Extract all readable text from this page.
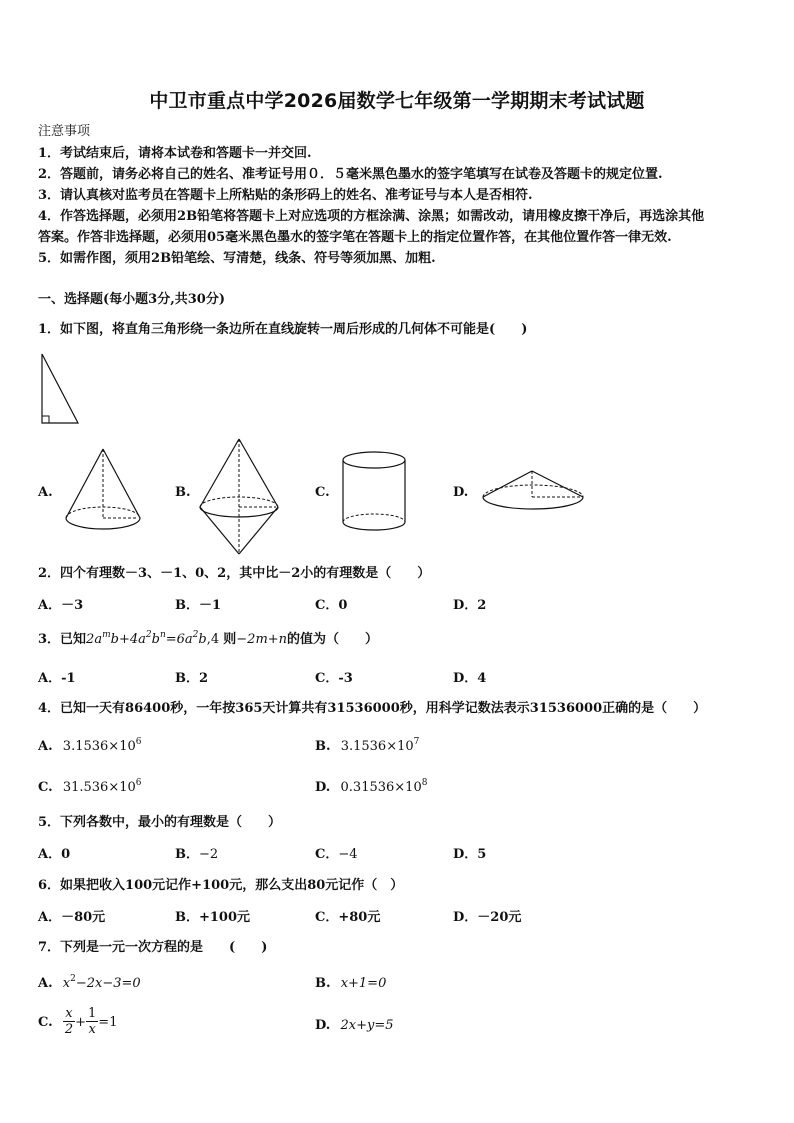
中卫市重点中学2026届数学七年级第一学期期末考试试题
注意事项
1．考试结束后，请将本试卷和答题卡一并交回.
2．答题前，请务必将自己的姓名、准考证号用０．５毫米黑色墨水的签字笔填写在试卷及答题卡的规定位置.
3．请认真核对监考员在答题卡上所粘贴的条形码上的姓名、准考证号与本人是否相符.
4．作答选择题，必须用2B铅笔将答题卡上对应选项的方框涂满、涂黑；如需改动，请用橡皮擦干净后，再选涂其他
答案。作答非选择题，必须用05毫米黑色墨水的签字笔在答题卡上的指定位置作答，在其他位置作答一律无效.
5．如需作图，须用2B铅笔绘、写清楚，线条、符号等须加黑、加粗.
一、选择题(每小题3分,共30分)
1．如下图，将直角三角形绕一条边所在直线旋转一周后形成的几何体不可能是(　　)
A.	B.	C.	D.
2．四个有理数－3、－1、0、2，其中比－2小的有理数是（　　）
A．－3	B．－1	C．0	D．2
3．已知$2a^mb+4a^2b^n=6a^2b,4$ 则−2m+n的值为（　　）
A．-1	B．2	C．-3	D．4
4．已知一天有86400秒，一年按365天计算共有31536000秒，用科学记数法表示31536000正确的是（　　）
A. $3.1536\times 10^6$	B. $3.1536\times 10^7$
C. $31.536\times 10^6$	D. $0.31536\times 10^8$
5．下列各数中，最小的有理数是（　　）
A．0	B．−2	C．−4	D．5
6．如果把收入100元记作+100元，那么支出80元记作（　）
A．－80元	B．+100元	C．+80元	D．－20元
7．下列是一元一次方程的是　　(　　)
A. $x^2-2x-3=0$	B. x+1=0
C. $\frac{x}{2} + \frac{1}{x} =1$	D. 2x+y=5
